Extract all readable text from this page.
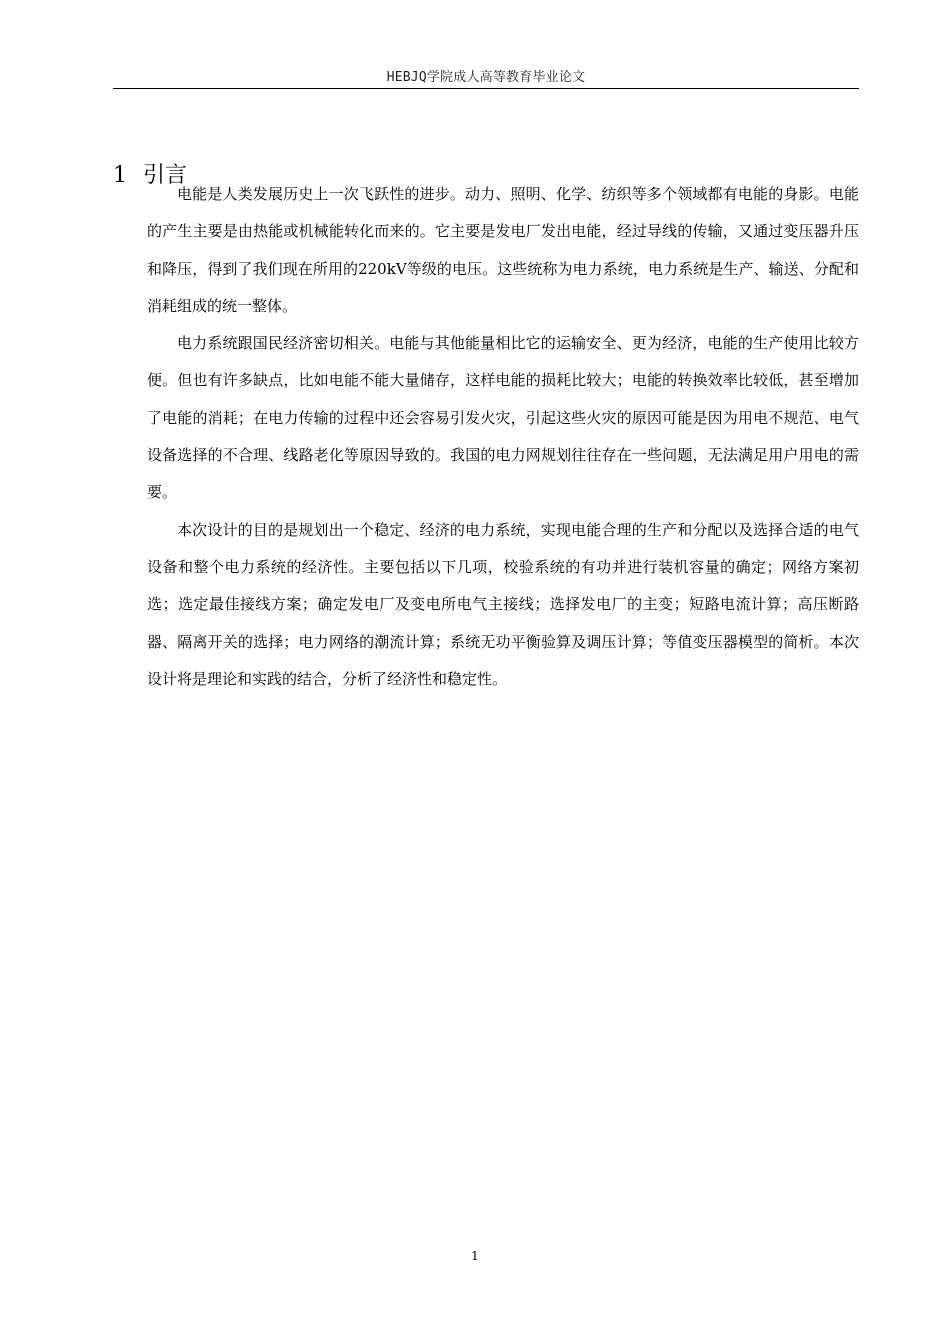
HEBJQ学院成人高等教育毕业论文
1 引言

电能是人类发展历史上一次飞跃性的进步。动力、照明、化学、纺织等多个领域都有电能的身影。电能的产生主要是由热能或机械能转化而来的。它主要是发电厂发出电能，经过导线的传输，又通过变压器升压和降压，得到了我们现在所用的220kV等级的电压。这些统称为电力系统，电力系统是生产、输送、分配和消耗组成的统一整体。

电力系统跟国民经济密切相关。电能与其他能量相比它的运输安全、更为经济，电能的生产使用比较方便。但也有许多缺点，比如电能不能大量储存，这样电能的损耗比较大；电能的转换效率比较低，甚至增加了电能的消耗；在电力传输的过程中还会容易引发火灾，引起这些火灾的原因可能是因为用电不规范、电气设备选择的不合理、线路老化等原因导致的。我国的电力网规划往往存在一些问题，无法满足用户用电的需要。

本次设计的目的是规划出一个稳定、经济的电力系统，实现电能合理的生产和分配以及选择合适的电气设备和整个电力系统的经济性。主要包括以下几项，校验系统的有功并进行装机容量的确定；网络方案初选；选定最佳接线方案；确定发电厂及变电所电气主接线；选择发电厂的主变；短路电流计算；高压断路器、隔离开关的选择；电力网络的潮流计算；系统无功平衡验算及调压计算；等值变压器模型的简析。本次设计将是理论和实践的结合，分析了经济性和稳定性。

1
